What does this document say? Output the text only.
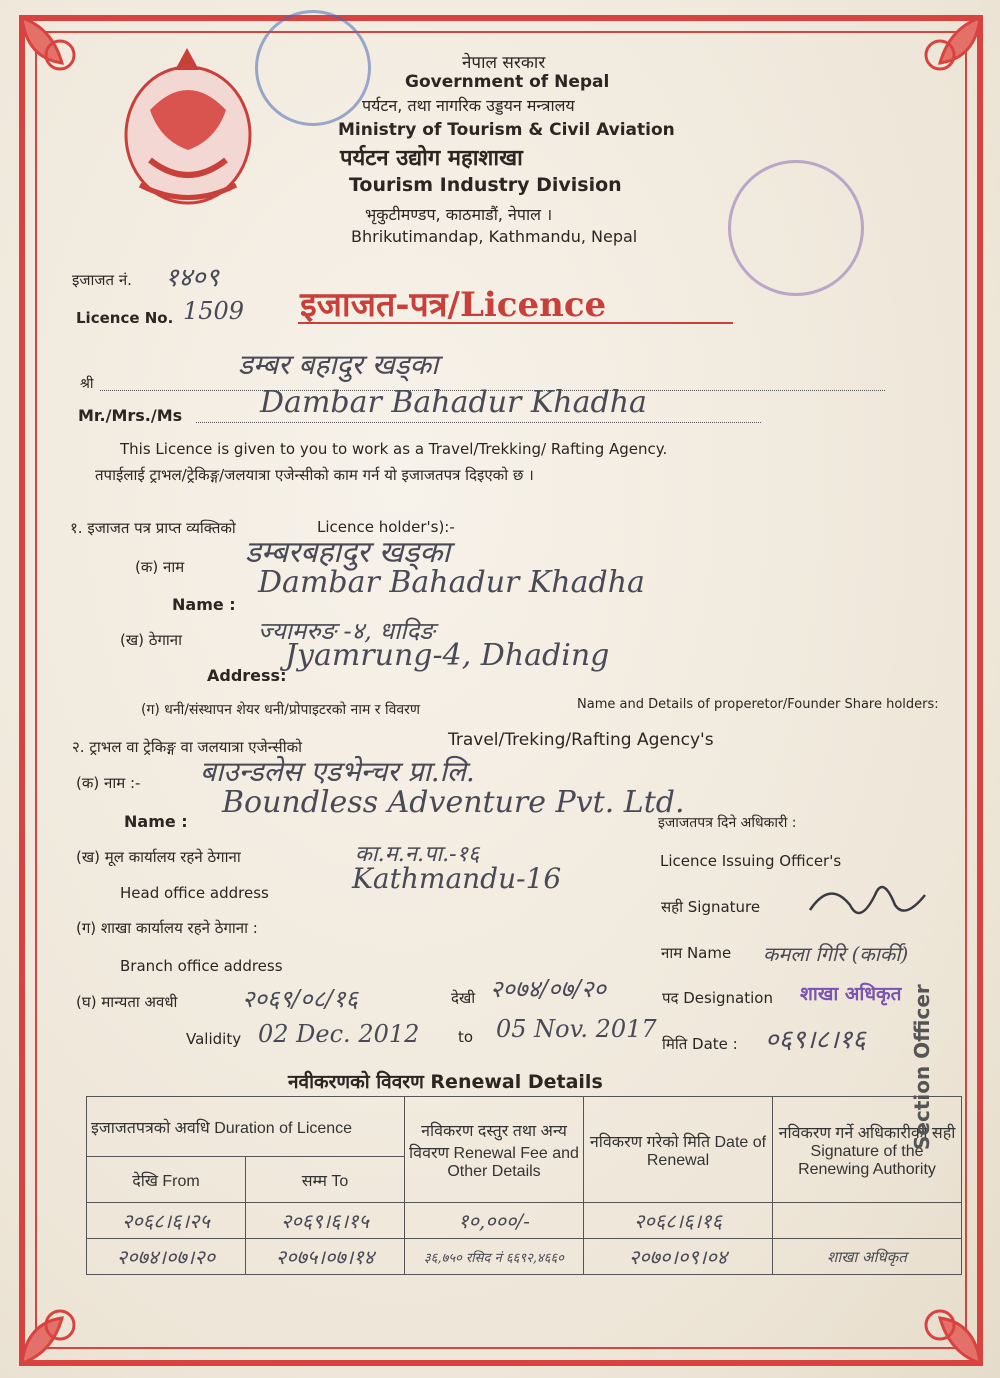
नेपाल सरकार
Government of Nepal
पर्यटन, तथा नागरिक उड्डयन मन्त्रालय
Ministry of Tourism & Civil Aviation
पर्यटन उद्योग महाशाखा
Tourism Industry Division
भृकुटीमण्डप, काठमाडौं, नेपाल ।
Bhrikutimandap, Kathmandu, Nepal
इजाजत नं. १४०९
Licence No. 1509 इजाजत-पत्र/Licence
श्री
डम्बर बहादुर खड्का
Mr./Mrs./Ms	Dambar Bahadur Khadha
This Licence is given to you to work as a Travel/Trekking/ Rafting Agency.
तपाईलाई ट्राभल/ट्रेकिङ्ग/जलयात्रा एजेन्सीको काम गर्न यो इजाजतपत्र दिइएको छ ।
१. इजाजत पत्र प्राप्त व्यक्तिको	Licence holder's):-
(क) नाम डम्बरबहादुर खड्का
Name :
Dambar Bahadur Khadha
(ख) ठेगाना	ज्यामरुङ -४, धादिङ
Address:
Jyamrung-4, Dhading
(ग) धनी/संस्थापन शेयर धनी/प्रोपाइटरको नाम र विवरण	Name and Details of properetor/Founder Share holders:
२. ट्राभल वा ट्रेकिङ्ग वा जलयात्रा एजेन्सीको	Travel/Treking/Rafting Agency's
(क) नाम :- बाउन्डलेस एडभेन्चर प्रा.लि.
Name :
Boundless Adventure Pvt. Ltd.
(ख) मूल कार्यालय रहने ठेगाना	का.म.न.पा.-१६
Head office address	Kathmandu-16
(ग) शाखा कार्यालय रहने ठेगाना :
Branch office address
(घ) मान्यता अवधी	२०६९/०८/१६	देखी २०७४/०७/२०
Validity 02 Dec. 2012	to 05 Nov. 2017
इजाजतपत्र दिने अधिकारी :
Licence Issuing Officer's
सही Signature
नाम Name कमला गिरि (कार्की)
पद Designation शाखा अधिकृत
मिति Date : ०६९।८।१६
नवीकरणको विवरण Renewal Details
इजाजतपत्रको अवधि Duration of Licence		नविकरण दस्तुर तथा अन्य विवरण Renewal Fee and Other Details	नविकरण गरेको मिति Date of Renewal	नविकरण गर्ने अधिकारीको सही Signature of the Renewing Authority
देखि From	सम्म To			
२०६८।६।२५	२०६९।६।१५	१०,०००/-	२०६८।६।१६	
२०७४।०७।२०	२०७५।०७।१४	३६,७५० रसिद नं ६६९२,४६६०	२०७०।०९।०४	शाखा अधिकृत
Section Officer
